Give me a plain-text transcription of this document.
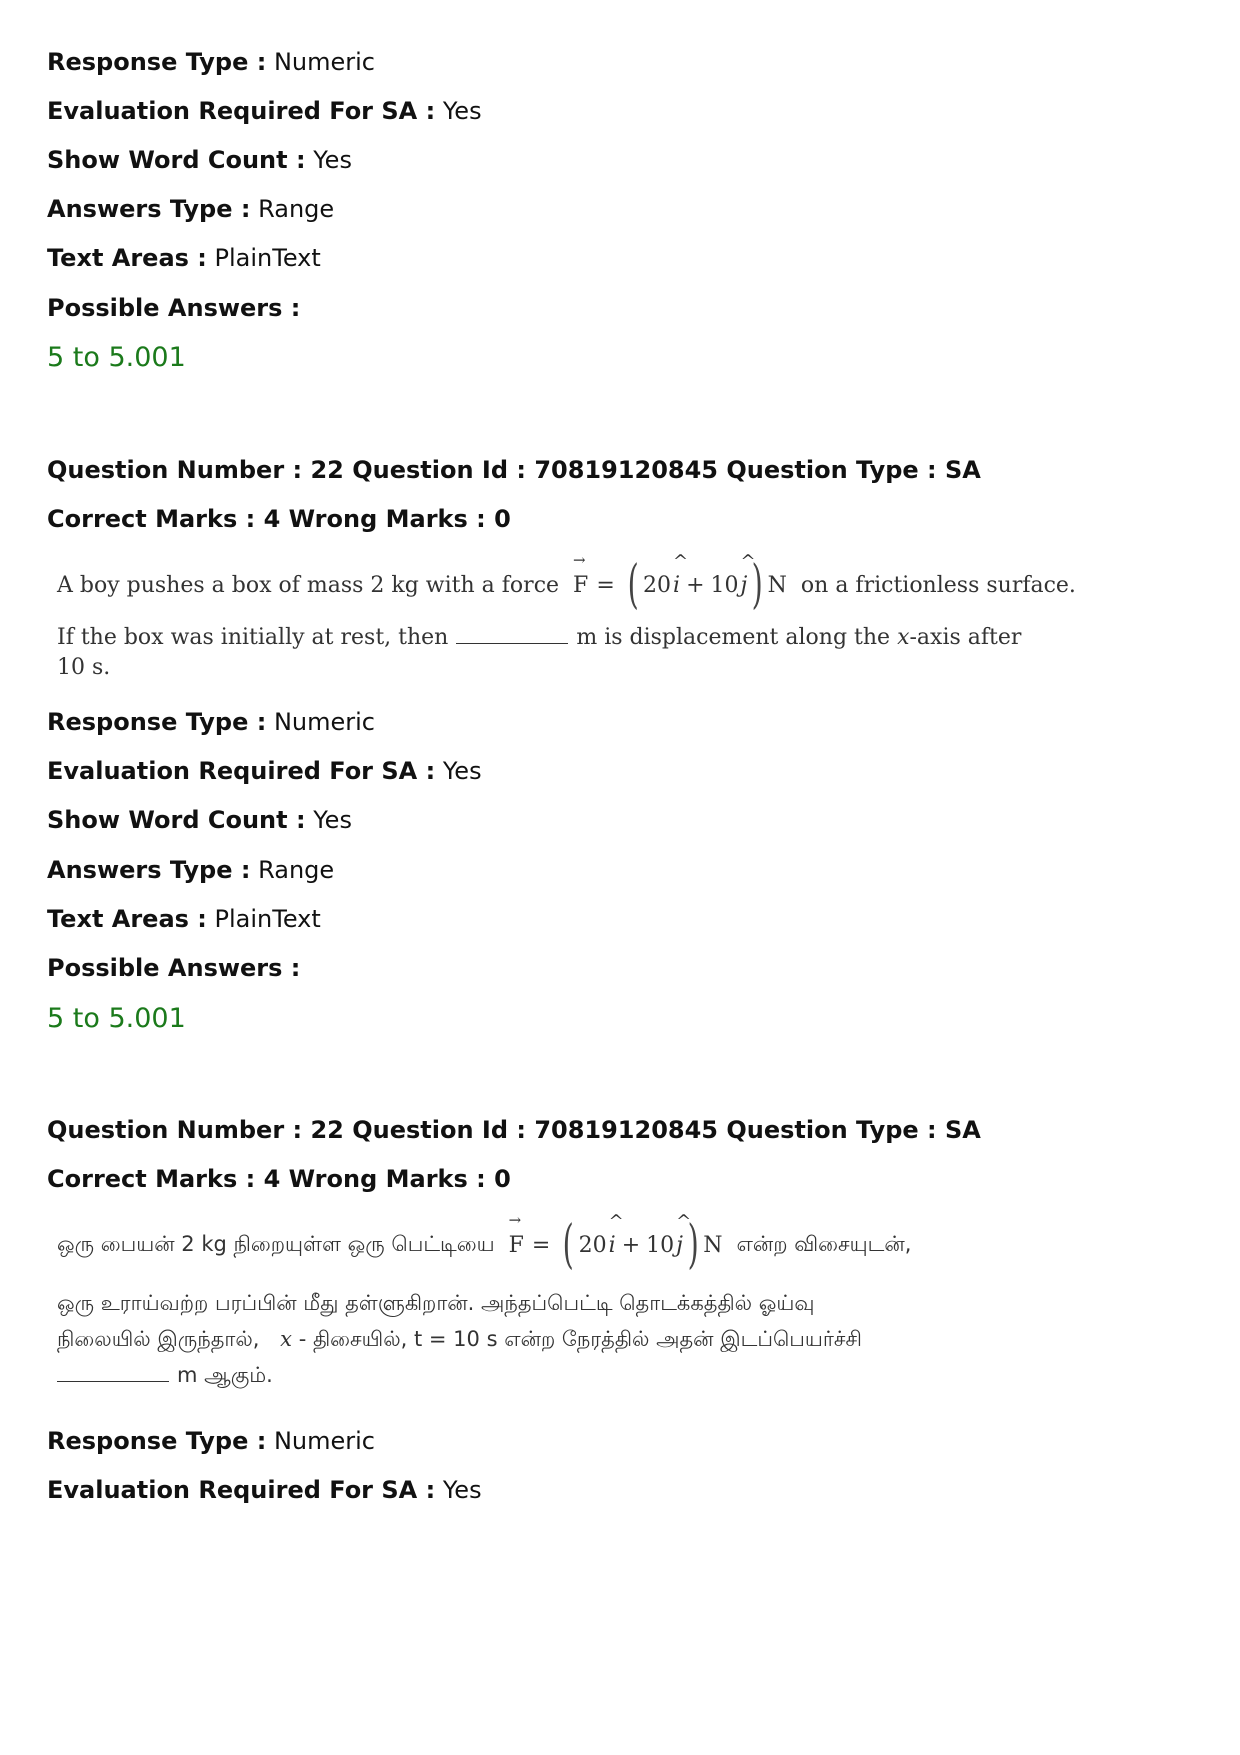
Response Type : Numeric
Evaluation Required For SA : Yes
Show Word Count : Yes
Answers Type : Range
Text Areas : PlainText
Possible Answers :
5 to 5.001
Question Number : 22 Question Id : 70819120845 Question Type : SA
Correct Marks : 4 Wrong Marks : 0
A boy pushes a box of mass 2 kg with a force
→
F = ( 20
^
i + 10
^
j ) N on a frictionless surface.
If the box was initially at rest, then	m is displacement along the x-axis after
10 s.
Response Type : Numeric
Evaluation Required For SA : Yes
Show Word Count : Yes
Answers Type : Range
Text Areas : PlainText
Possible Answers :
5 to 5.001
Question Number : 22 Question Id : 70819120845 Question Type : SA
Correct Marks : 4 Wrong Marks : 0
ஒரு பையன் 2 kg நிறையுள்ள ஒரு பெட்டியை
→
F = ( 20
^
i + 10
^
j ) N என்ற விசையுடன்,
ஒரு உராய்வற்ற பரப்பின் மீது தள்ளுகிறான். அந்தப்பெட்டி தொடக்கத்தில் ஓய்வு
நிலையில் இருந்தால், x - திசையில், t = 10 s என்ற நேரத்தில் அதன் இடப்பெயர்ச்சி
m ஆகும்.
Response Type : Numeric
Evaluation Required For SA : Yes
